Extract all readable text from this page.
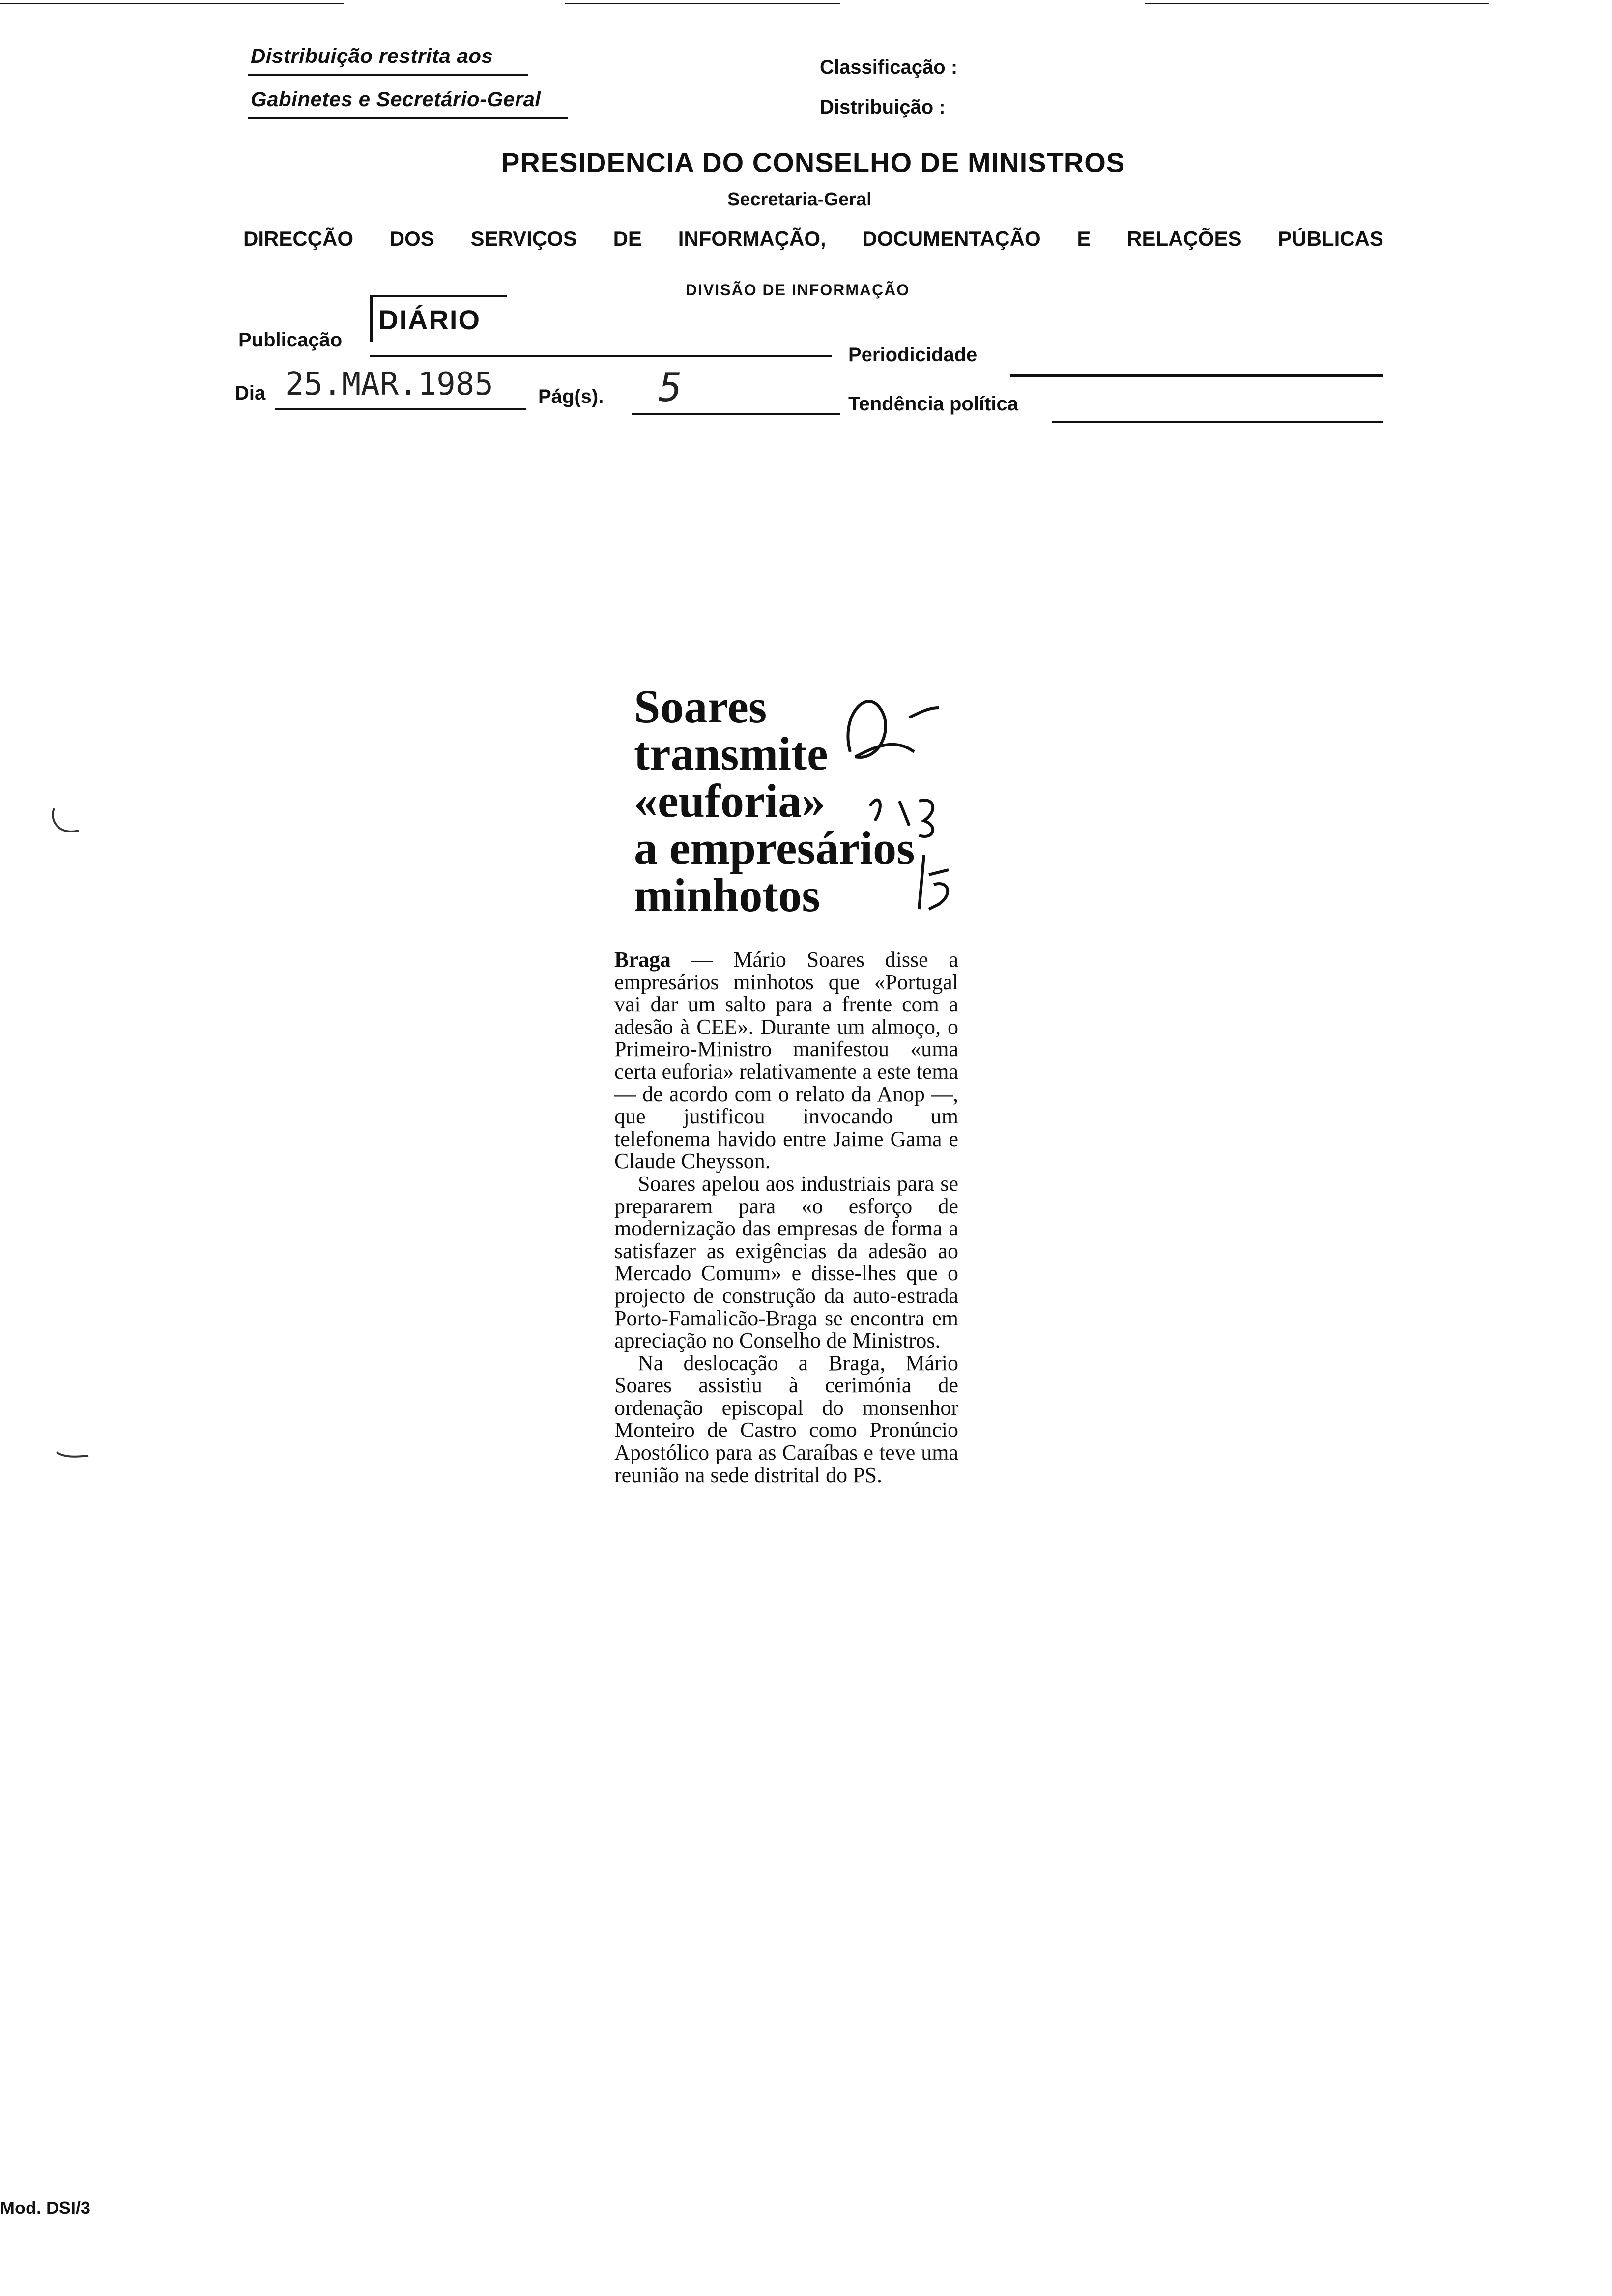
Distribuição restrita aos
Gabinetes e Secretário-Geral
Classificação :
Distribuição :
PRESIDENCIA DO CONSELHO DE MINISTROS
Secretaria-Geral
DIRECÇÃO DOS SERVIÇOS DE INFORMAÇÃO, DOCUMENTAÇÃO E RELAÇÕES PÚBLICAS
DIVISÃO DE INFORMAÇÃO
Publicação
DIÁRIO
Periodicidade
Dia 25.MAR.1985 Pág(s). 5	Tendência política
Soares
transmite
«euforia»
a empresários
minhotos

Braga — Mário Soares disse a empresários minhotos que «Portugal vai dar um salto para a frente com a adesão à CEE». Durante um almoço, o Primeiro-Ministro manifestou «uma certa euforia» relativamente a este tema — de acordo com o relato da Anop —, que justificou invocando um telefonema havido entre Jaime Gama e Claude Cheysson.

Soares apelou aos industriais para se prepararem para «o esforço de modernização das empresas de forma a satisfazer as exigências da adesão ao Mercado Comum» e disse-lhes que o projecto de construção da auto-estrada Porto-Famalicão-Braga se encontra em apreciação no Conselho de Ministros.

Na deslocação a Braga, Mário Soares assistiu à cerimónia de ordenação episcopal do monsenhor Monteiro de Castro como Pronúncio Apostólico para as Caraíbas e teve uma reunião na sede distrital do PS.

Mod. DSI/3
